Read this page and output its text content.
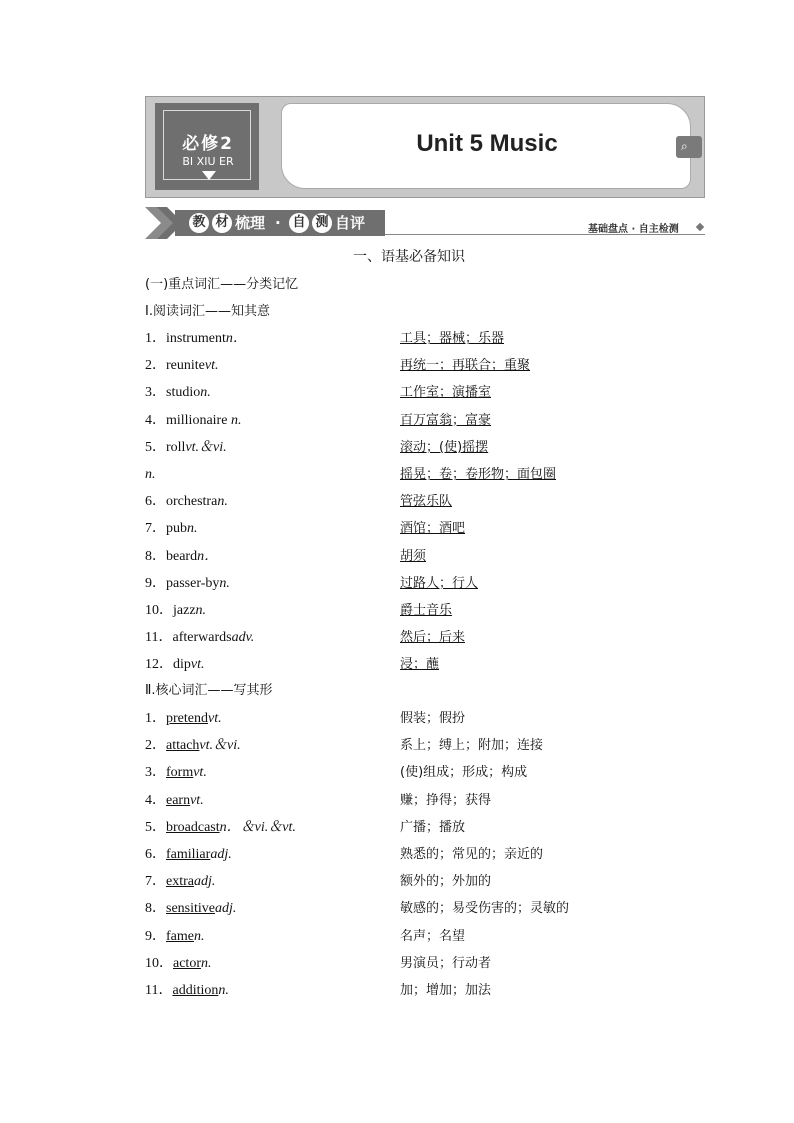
必修2
BI XIU ER
Unit 5 Music	⌕
教 材 梳理 · 自 测 自评	基础盘点 · 自主检测
一、语基必备知识
(一)重点词汇——分类记忆
Ⅰ.阅读词汇——知其意
1．instrumentn．	工具；器械；乐器
2．reunitevt.	再统一；再联合；重聚
3．studion.	工作室；演播室
4．millionaire n.	百万富翁；富豪
5．rollvt.＆vi.	滚动；(使)摇摆
n.	摇晃；卷；卷形物；面包圈
6．orchestran.	管弦乐队
7．pubn.	酒馆；酒吧
8．beardn．	胡须
9．passer-byn.	过路人；行人
10．jazzn.	爵士音乐
11．afterwardsadv.	然后；后来
12．dipvt.	浸；蘸
Ⅱ.核心词汇——写其形
1．pretendvt.	假装；假扮
2．attachvt.＆vi.	系上；缚上；附加；连接
3．formvt.	(使)组成；形成；构成
4．earnvt.	赚；挣得；获得
5．broadcastn．＆vi.＆vt.	广播；播放
6．familiaradj.	熟悉的；常见的；亲近的
7．extraadj.	额外的；外加的
8．sensitiveadj.	敏感的；易受伤害的；灵敏的
9．famen.	名声；名望
10．actorn.	男演员；行动者
11．additionn.	加；增加；加法
